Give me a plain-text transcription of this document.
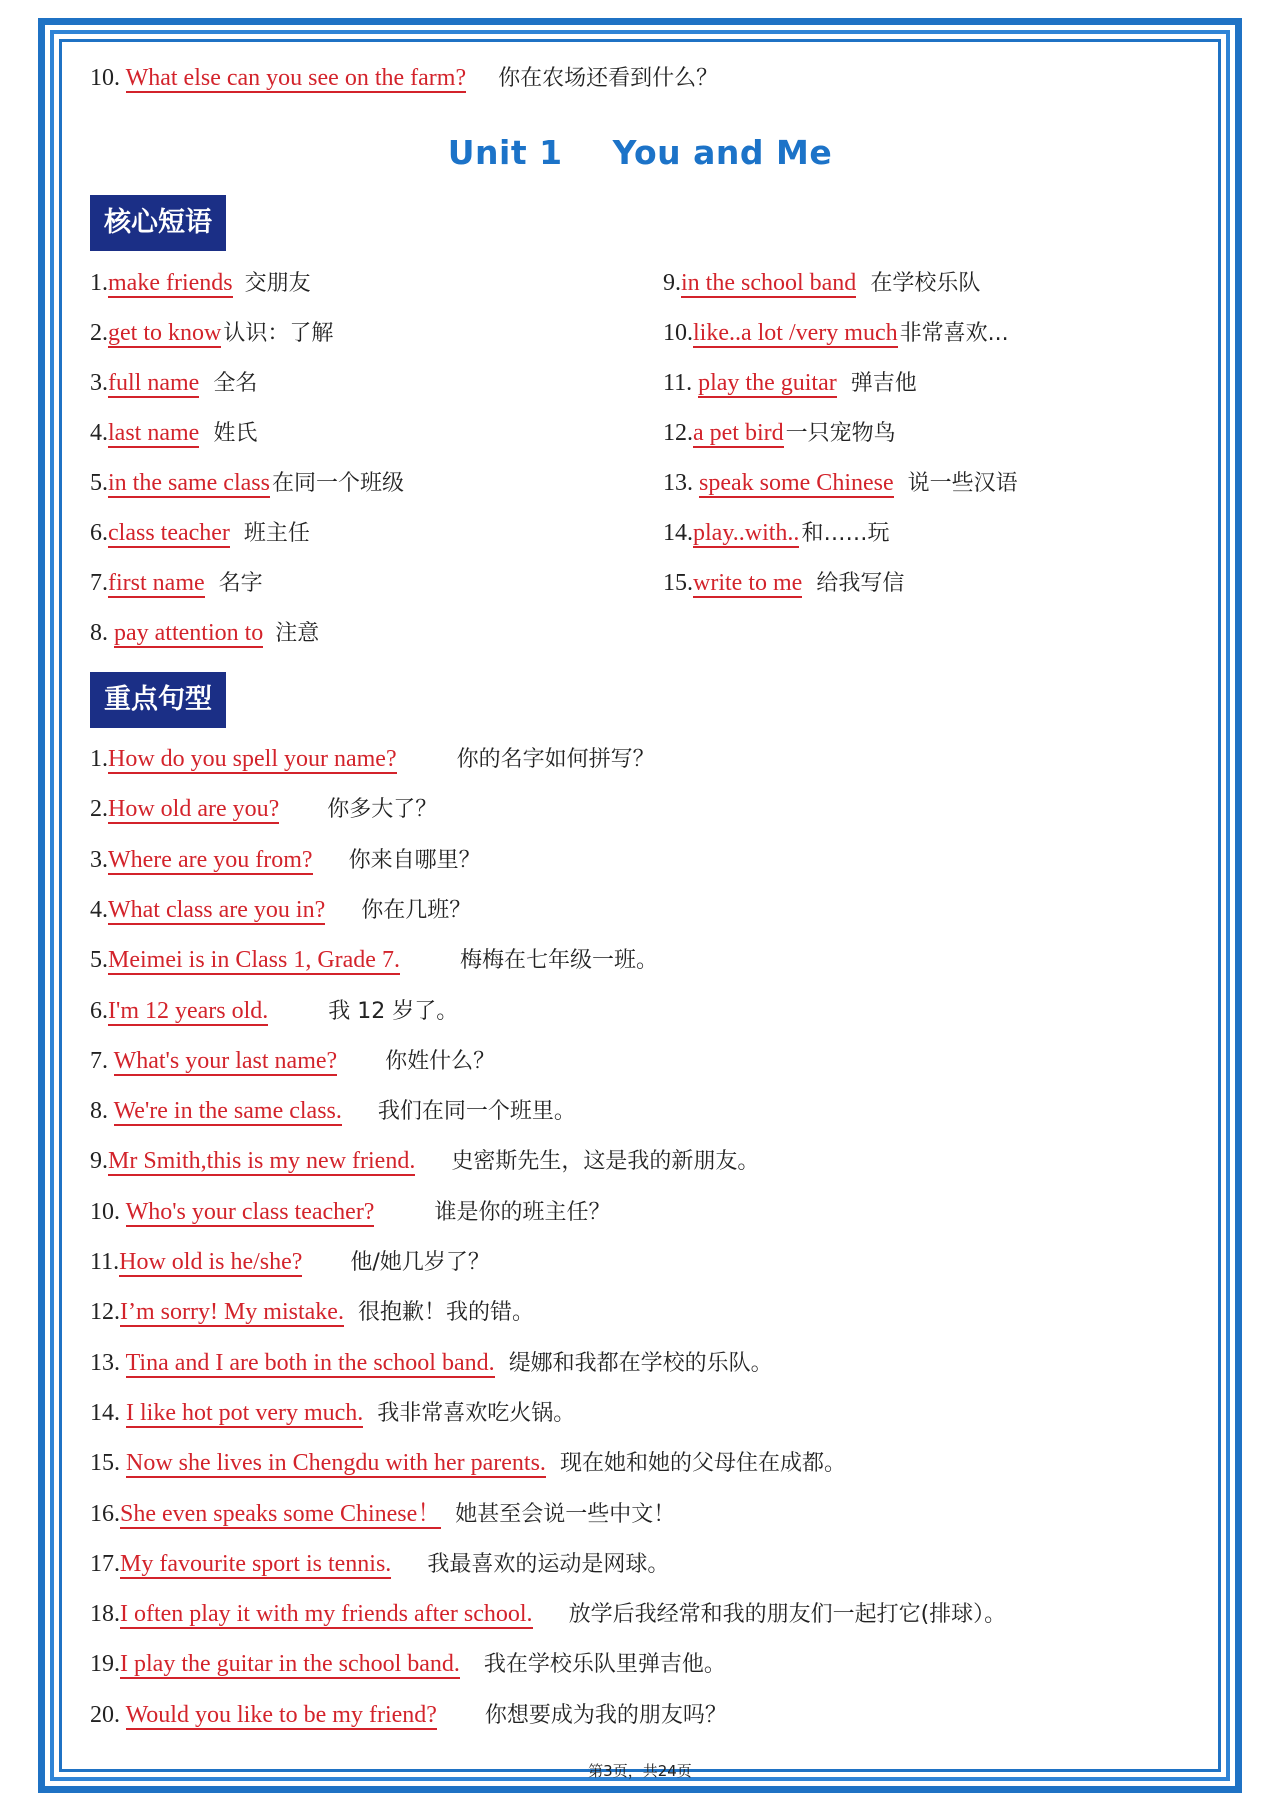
10. What else can you see on the farm? 你在农场还看到什么？
Unit 1 You and Me
核心短语
1.make friends 交朋友
2.get to know认识：了解
3.full name 全名
4.last name 姓氏
5.in the same class在同一个班级
6.class teacher 班主任
7.first name 名字
8. pay attention to 注意
9.in the school band 在学校乐队
10.like..a lot /very much非常喜欢...
11. play the guitar 弹吉他
12.a pet bird一只宠物鸟
13. speak some Chinese 说一些汉语
14.play..with..和……玩
15.write to me 给我写信
重点句型
1.How do you spell your name?	你的名字如何拼写？
2.How old are you? 你多大了？
3.Where are you from? 你来自哪里？
4.What class are you in? 你在几班？
5.Meimei is in Class 1, Grade 7.	梅梅在七年级一班。
6.I'm 12 years old.	我 12 岁了。
7. What's your last name? 你姓什么？
8. We're in the same class. 我们在同一个班里。
9.Mr Smith,this is my new friend. 史密斯先生，这是我的新朋友。
10. Who's your class teacher?	谁是你的班主任？
11.How old is he/she? 他/她几岁了？
12.I’m sorry! My mistake. 很抱歉！我的错。
13. Tina and I are both in the school band. 缇娜和我都在学校的乐队。
14. I like hot pot very much. 我非常喜欢吃火锅。
15. Now she lives in Chengdu with her parents. 现在她和她的父母住在成都。
16.She even speaks some Chinese！ 她甚至会说一些中文！
17.My favourite sport is tennis. 我最喜欢的运动是网球。
18.I often play it with my friends after school. 放学后我经常和我的朋友们一起打它(排球）。
19.I play the guitar in the school band. 我在学校乐队里弹吉他。
20. Would you like to be my friend? 你想要成为我的朋友吗？
第3页，共24页
